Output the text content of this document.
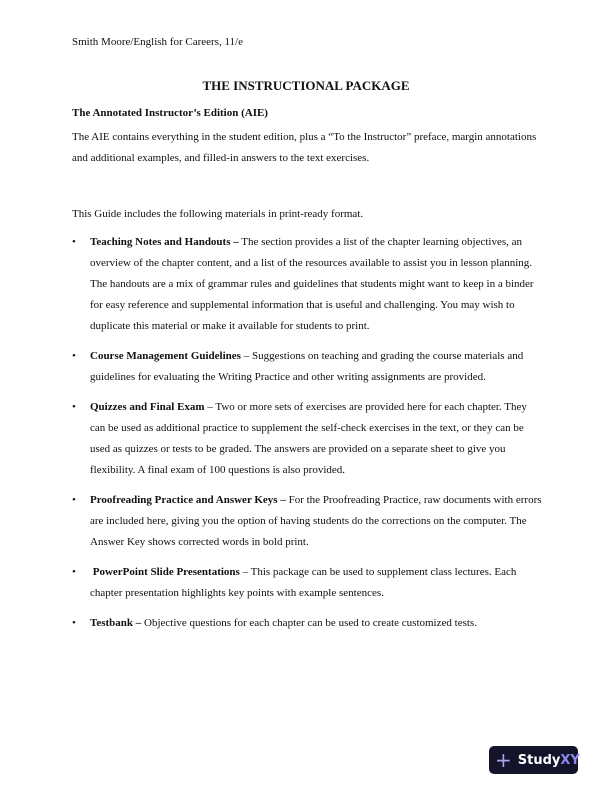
Smith Moore/English for Careers, 11/e
THE INSTRUCTIONAL PACKAGE
The Annotated Instructor’s Edition (AIE)
The AIE contains everything in the student edition, plus a “To the Instructor” preface, margin annotations and additional examples, and filled-in answers to the text exercises.
This Guide includes the following materials in print-ready format.
• Teaching Notes and Handouts – The section provides a list of the chapter learning objectives, an overview of the chapter content, and a list of the resources available to assist you in lesson planning. The handouts are a mix of grammar rules and guidelines that students might want to keep in a binder for easy reference and supplemental information that is useful and challenging. You may wish to duplicate this material or make it available for students to print.
• Course Management Guidelines – Suggestions on teaching and grading the course materials and guidelines for evaluating the Writing Practice and other writing assignments are provided.
• Quizzes and Final Exam – Two or more sets of exercises are provided here for each chapter. They can be used as additional practice to supplement the self-check exercises in the text, or they can be used as quizzes or tests to be graded. The answers are provided on a separate sheet to give you flexibility. A final exam of 100 questions is also provided.
• Proofreading Practice and Answer Keys – For the Proofreading Practice, raw documents with errors are included here, giving you the option of having students do the corrections on the computer. The Answer Key shows corrected words in bold print.
• PowerPoint Slide Presentations – This package can be used to supplement class lectures. Each chapter presentation highlights key points with example sentences.
• Testbank – Objective questions for each chapter can be used to create customized tests.
+ Study XY
